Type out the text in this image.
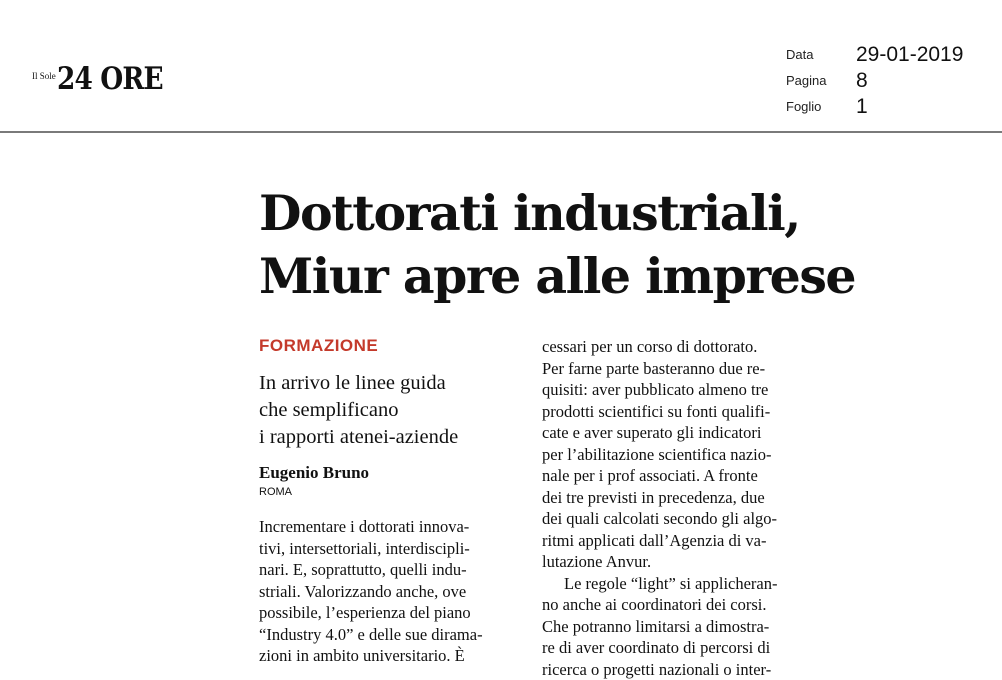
Il Sole 24 ORE
Data	29-01-2019
Pagina	8
Foglio	1
Dottorati industriali,
Miur apre alle imprese
FORMAZIONE
In arrivo le linee guida
che semplificano
i rapporti atenei-aziende
Eugenio Bruno
ROMA
Incrementare i dottorati innova-
tivi, intersettoriali, interdiscipli-
nari. E, soprattutto, quelli indu-
striali. Valorizzando anche, ove
possibile, l’esperienza del piano
“Industry 4.0” e delle sue dirama-
zioni in ambito universitario. È
cessari per un corso di dottorato.
Per farne parte basteranno due re-
quisiti: aver pubblicato almeno tre
prodotti scientifici su fonti qualifi-
cate e aver superato gli indicatori
per l’abilitazione scientifica nazio-
nale per i prof associati. A fronte
dei tre previsti in precedenza, due
dei quali calcolati secondo gli algo-
ritmi applicati dall’Agenzia di va-
lutazione Anvur.
Le regole “light” si applicheran-
no anche ai coordinatori dei corsi.
Che potranno limitarsi a dimostra-
re di aver coordinato di percorsi di
ricerca o progetti nazionali o inter-
